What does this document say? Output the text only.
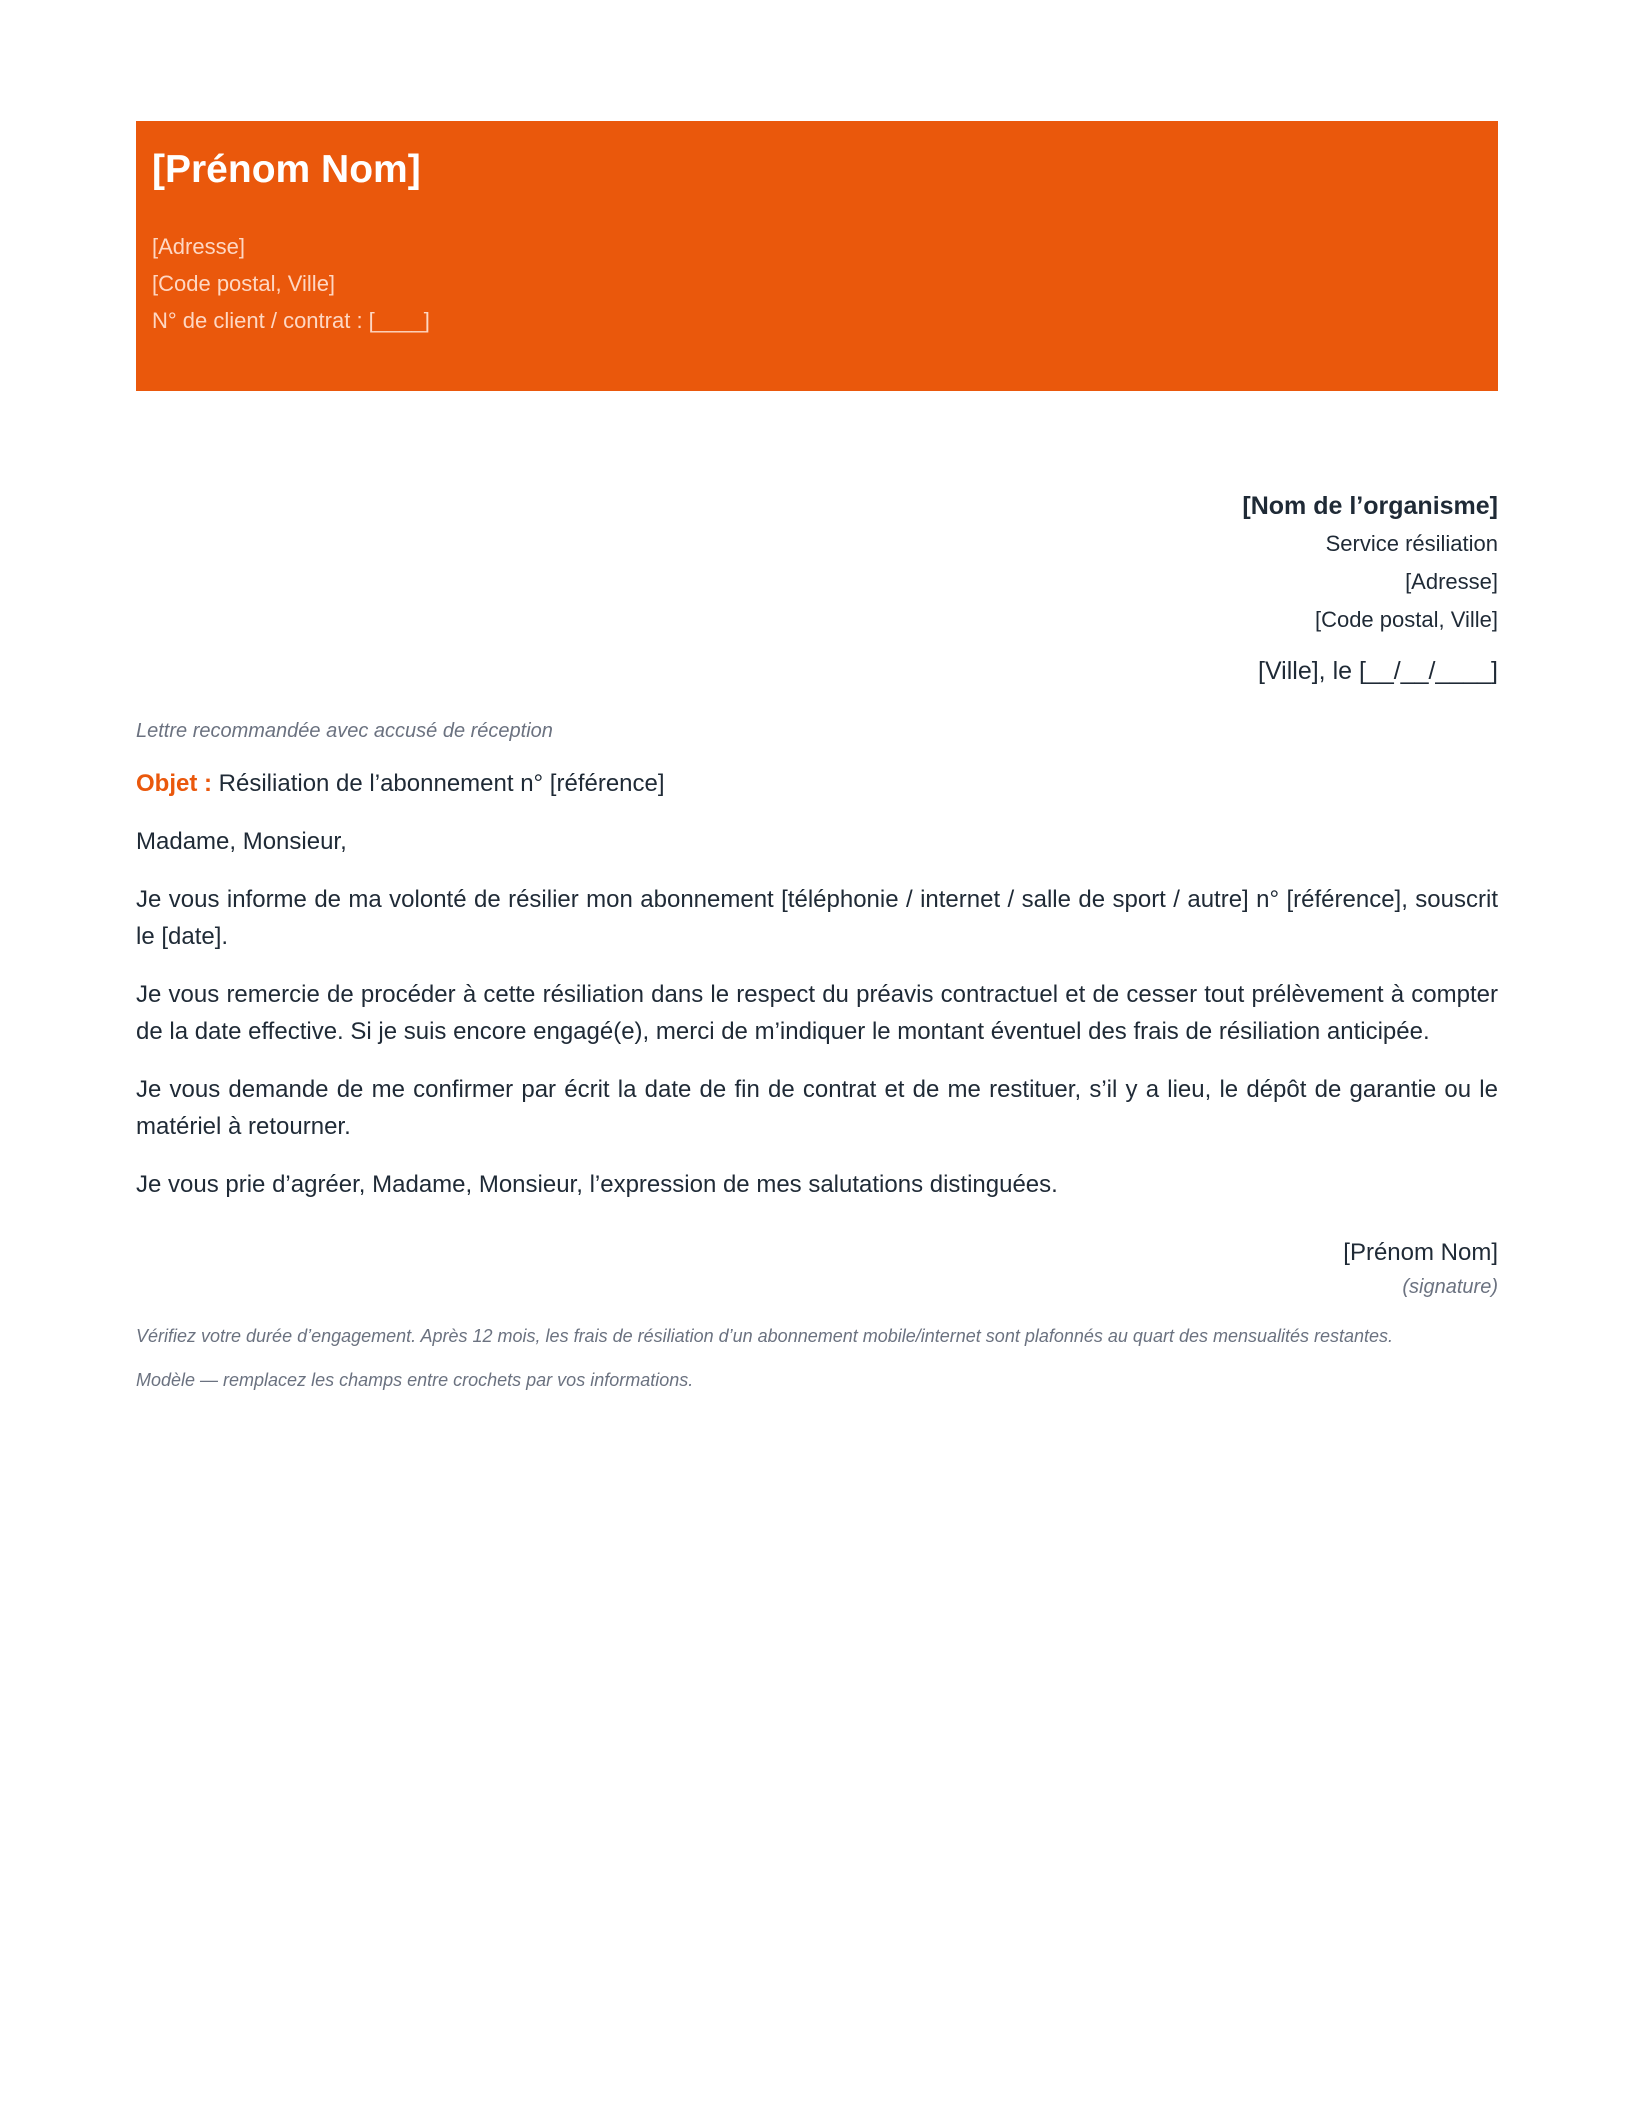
[Prénom Nom]
[Adresse]
[Code postal, Ville]
N° de client / contrat : [____]
[Nom de l’organisme]
Service résiliation
[Adresse]
[Code postal, Ville]
[Ville], le [__/__/____]
Lettre recommandée avec accusé de réception
Objet : Résiliation de l’abonnement n° [référence]
Madame, Monsieur,
Je vous informe de ma volonté de résilier mon abonnement [téléphonie / internet / salle de sport / autre] n° [référence], souscrit le [date].
Je vous remercie de procéder à cette résiliation dans le respect du préavis contractuel et de cesser tout prélèvement à compter de la date effective. Si je suis encore engagé(e), merci de m’indiquer le montant éventuel des frais de résiliation anticipée.
Je vous demande de me confirmer par écrit la date de fin de contrat et de me restituer, s’il y a lieu, le dépôt de garantie ou le matériel à retourner.
Je vous prie d’agréer, Madame, Monsieur, l’expression de mes salutations distinguées.
[Prénom Nom]
(signature)
Vérifiez votre durée d’engagement. Après 12 mois, les frais de résiliation d’un abonnement mobile/internet sont plafonnés au quart des mensualités restantes.
Modèle — remplacez les champs entre crochets par vos informations.
